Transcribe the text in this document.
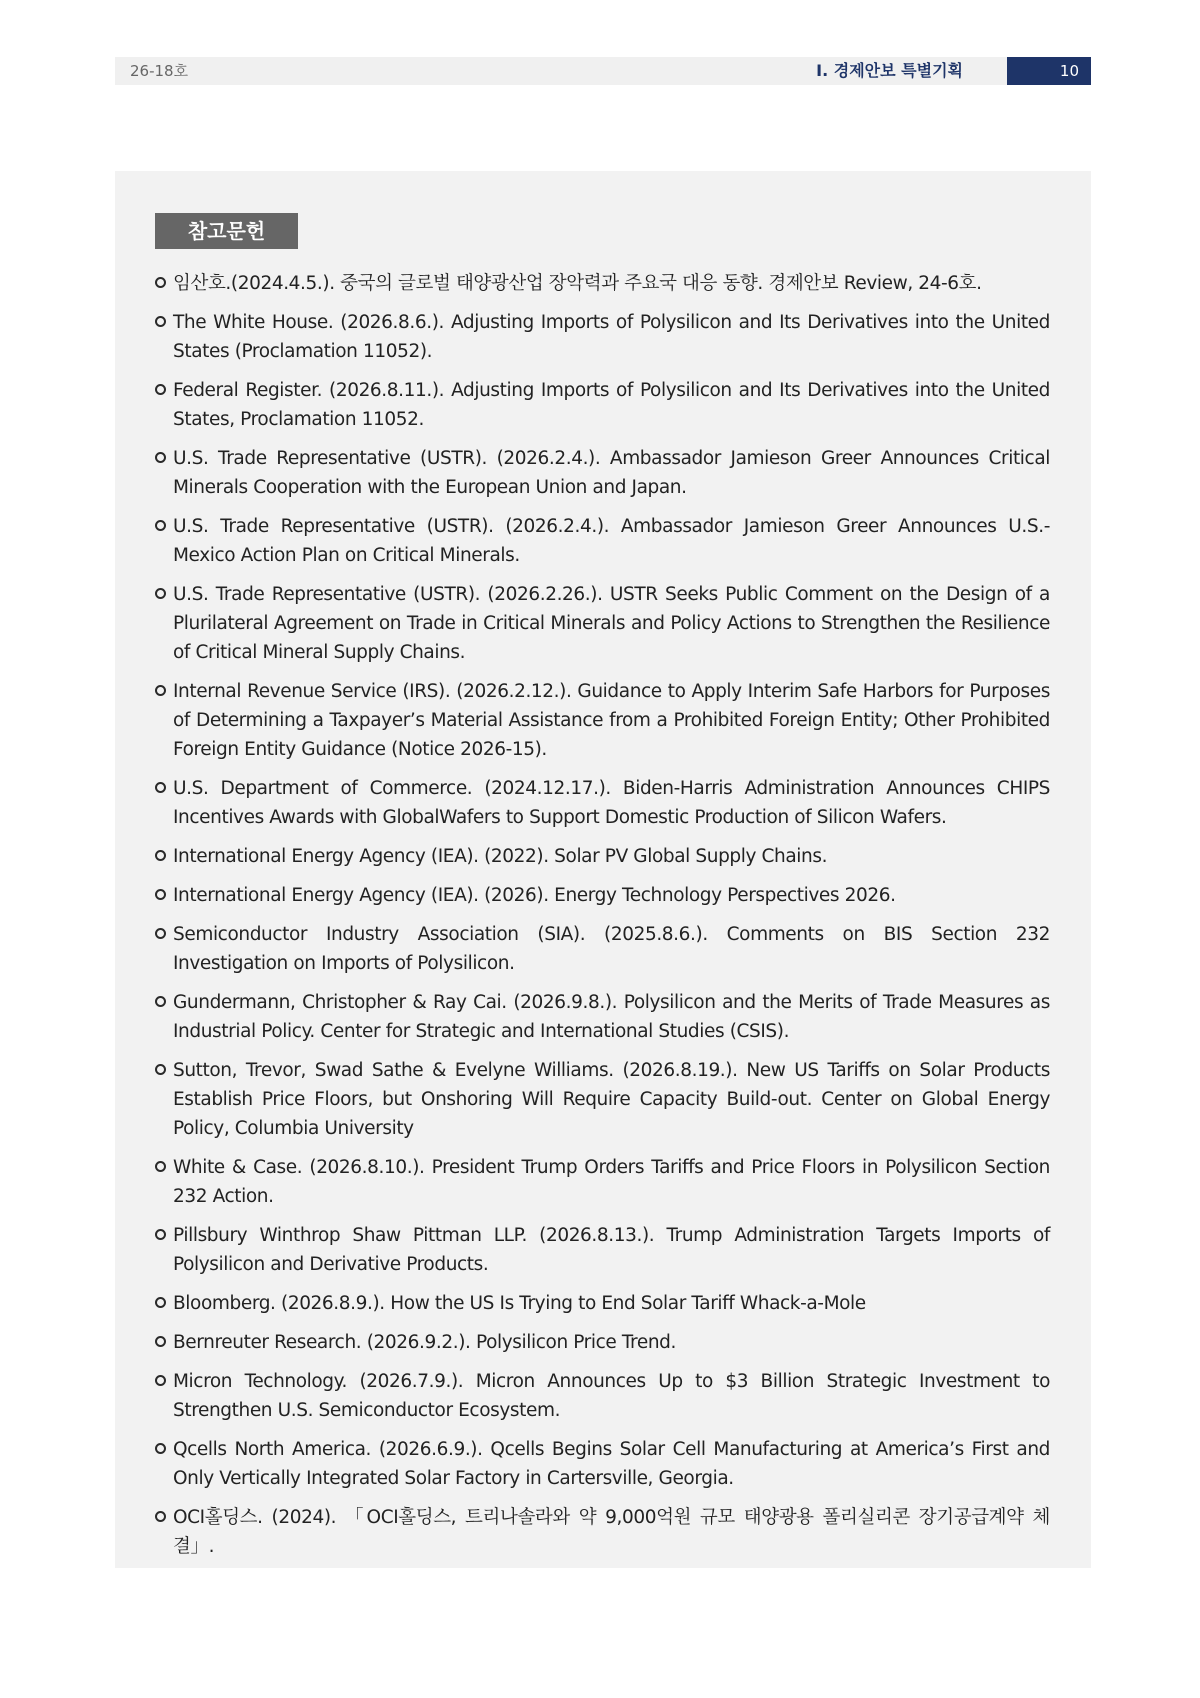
26-18호	Ⅰ. 경제안보 특별기획	10
참고문헌
임산호.(2024.4.5.). 중국의 글로벌 태양광산업 장악력과 주요국 대응 동향. 경제안보 Review, 24-6호.
The White House. (2026.8.6.). Adjusting Imports of Polysilicon and Its Derivatives into the United States (Proclamation 11052).
Federal Register. (2026.8.11.). Adjusting Imports of Polysilicon and Its Derivatives into the United States, Proclamation 11052.
U.S. Trade Representative (USTR). (2026.2.4.). Ambassador Jamieson Greer Announces Critical Minerals Cooperation with the European Union and Japan.
U.S. Trade Representative (USTR). (2026.2.4.). Ambassador Jamieson Greer Announces U.S.-Mexico Action Plan on Critical Minerals.
U.S. Trade Representative (USTR). (2026.2.26.). USTR Seeks Public Comment on the Design of a Plurilateral Agreement on Trade in Critical Minerals and Policy Actions to Strengthen the Resilience of Critical Mineral Supply Chains.
Internal Revenue Service (IRS). (2026.2.12.). Guidance to Apply Interim Safe Harbors for Purposes of Determining a Taxpayer’s Material Assistance from a Prohibited Foreign Entity; Other Prohibited Foreign Entity Guidance (Notice 2026-15).
U.S. Department of Commerce. (2024.12.17.). Biden-Harris Administration Announces CHIPS Incentives Awards with GlobalWafers to Support Domestic Production of Silicon Wafers.
International Energy Agency (IEA). (2022). Solar PV Global Supply Chains.
International Energy Agency (IEA). (2026). Energy Technology Perspectives 2026.
Semiconductor Industry Association (SIA). (2025.8.6.). Comments on BIS Section 232 Investigation on Imports of Polysilicon.
Gundermann, Christopher & Ray Cai. (2026.9.8.). Polysilicon and the Merits of Trade Measures as Industrial Policy. Center for Strategic and International Studies (CSIS).
Sutton, Trevor, Swad Sathe & Evelyne Williams. (2026.8.19.). New US Tariffs on Solar Products Establish Price Floors, but Onshoring Will Require Capacity Build-out. Center on Global Energy Policy, Columbia University
White & Case. (2026.8.10.). President Trump Orders Tariffs and Price Floors in Polysilicon Section 232 Action.
Pillsbury Winthrop Shaw Pittman LLP. (2026.8.13.). Trump Administration Targets Imports of Polysilicon and Derivative Products.
Bloomberg. (2026.8.9.). How the US Is Trying to End Solar Tariff Whack-a-Mole
Bernreuter Research. (2026.9.2.). Polysilicon Price Trend.
Micron Technology. (2026.7.9.). Micron Announces Up to $3 Billion Strategic Investment to Strengthen U.S. Semiconductor Ecosystem.
Qcells North America. (2026.6.9.). Qcells Begins Solar Cell Manufacturing at America’s First and Only Vertically Integrated Solar Factory in Cartersville, Georgia.
OCI홀딩스. (2024). 「OCI홀딩스, 트리나솔라와 약 9,000억원 규모 태양광용 폴리실리콘 장기공급계약 체결」.
